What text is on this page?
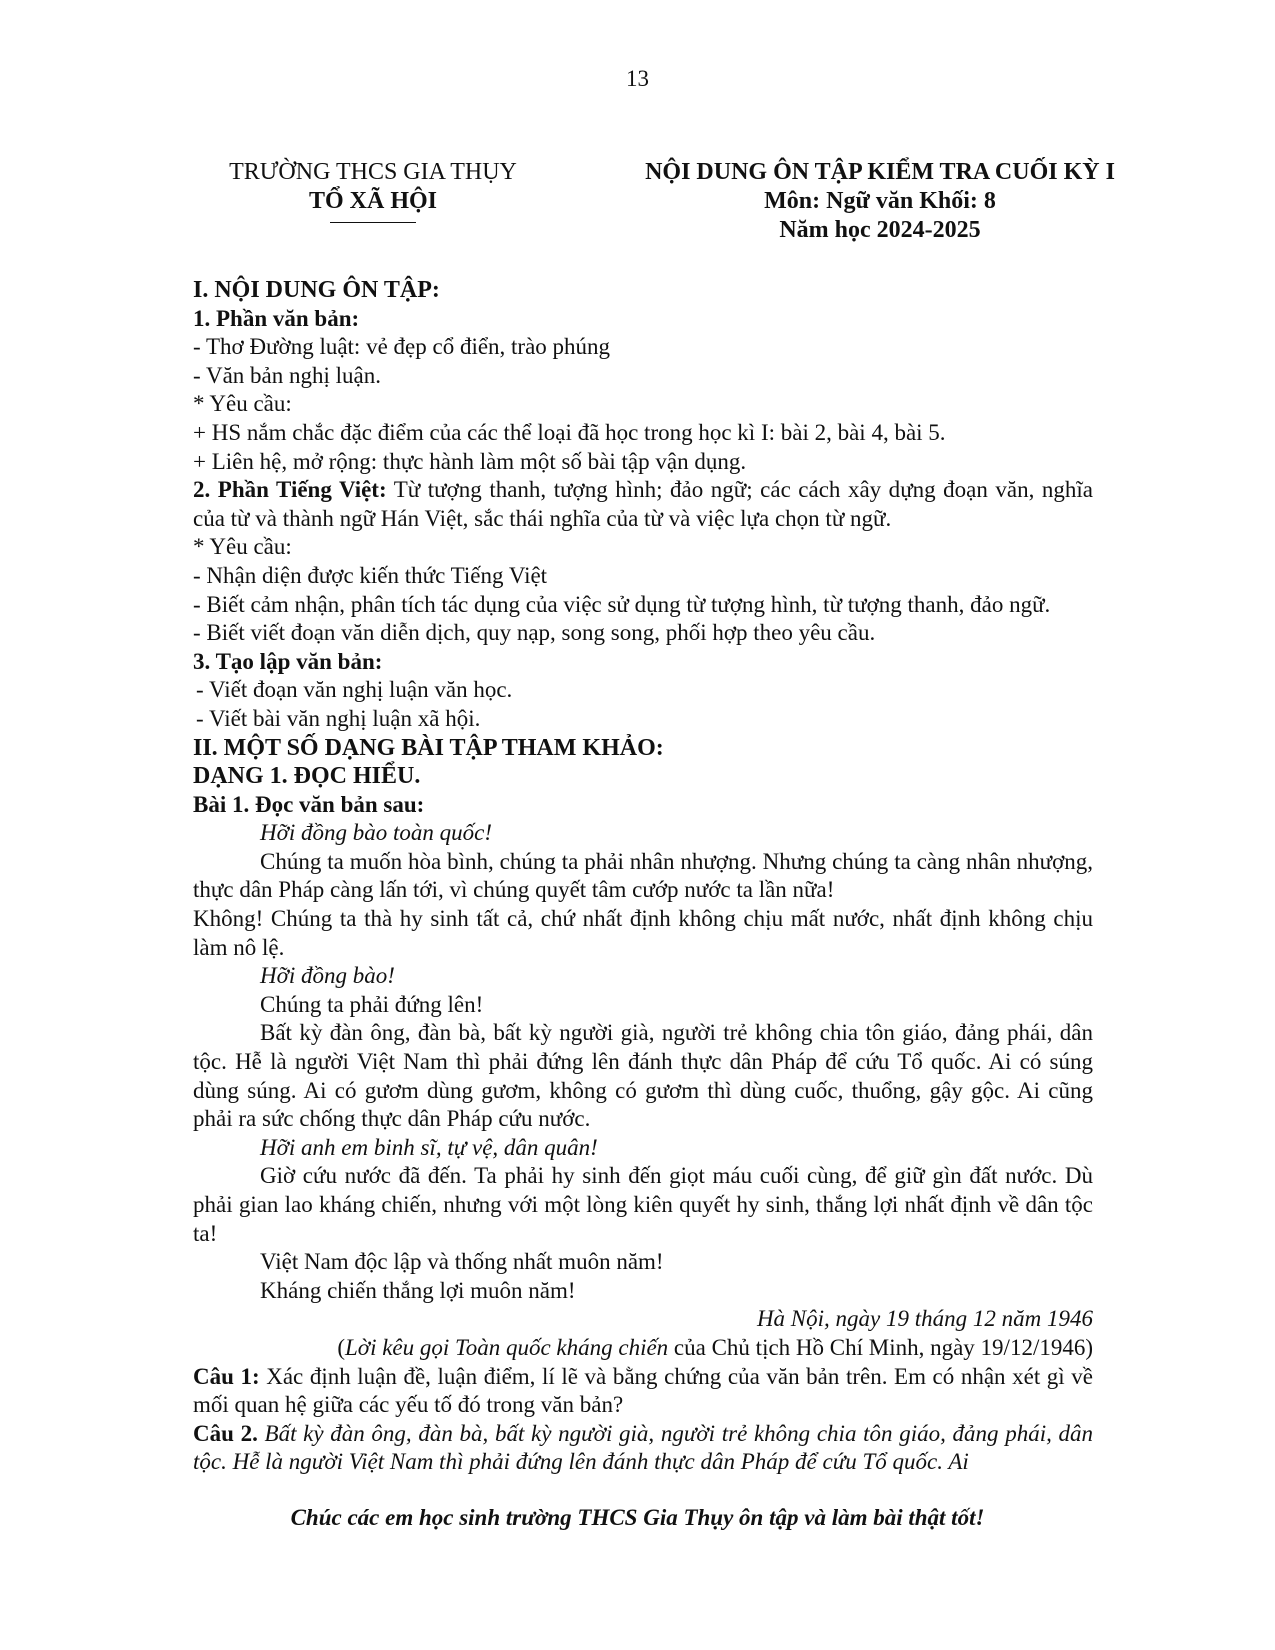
13
TRƯỜNG THCS GIA THỤY
TỔ XÃ HỘI
NỘI DUNG ÔN TẬP KIỂM TRA CUỐI KỲ I
Môn: Ngữ văn Khối: 8
Năm học 2024-2025

I. NỘI DUNG ÔN TẬP:

1. Phần văn bản:

- Thơ Đường luật: vẻ đẹp cổ điển, trào phúng

- Văn bản nghị luận.

* Yêu cầu:

+ HS nắm chắc đặc điểm của các thể loại đã học trong học kì I: bài 2, bài 4, bài 5.

+ Liên hệ, mở rộng: thực hành làm một số bài tập vận dụng.

2. Phần Tiếng Việt: Từ tượng thanh, tượng hình; đảo ngữ; các cách xây dựng đoạn văn, nghĩa của từ và thành ngữ Hán Việt, sắc thái nghĩa của từ và việc lựa chọn từ ngữ.

* Yêu cầu:

- Nhận diện được kiến thức Tiếng Việt

- Biết cảm nhận, phân tích tác dụng của việc sử dụng từ tượng hình, từ tượng thanh, đảo ngữ.

- Biết viết đoạn văn diễn dịch, quy nạp, song song, phối hợp theo yêu cầu.

3. Tạo lập văn bản:

- Viết đoạn văn nghị luận văn học.

- Viết bài văn nghị luận xã hội.

II. MỘT SỐ DẠNG BÀI TẬP THAM KHẢO:

DẠNG 1. ĐỌC HIỂU.

Bài 1. Đọc văn bản sau:

Hỡi đồng bào toàn quốc!

Chúng ta muốn hòa bình, chúng ta phải nhân nhượng. Nhưng chúng ta càng nhân nhượng, thực dân Pháp càng lấn tới, vì chúng quyết tâm cướp nước ta lần nữa!

Không! Chúng ta thà hy sinh tất cả, chứ nhất định không chịu mất nước, nhất định không chịu làm nô lệ.

Hỡi đồng bào!

Chúng ta phải đứng lên!

Bất kỳ đàn ông, đàn bà, bất kỳ người già, người trẻ không chia tôn giáo, đảng phái, dân tộc. Hễ là người Việt Nam thì phải đứng lên đánh thực dân Pháp để cứu Tổ quốc. Ai có súng dùng súng. Ai có gươm dùng gươm, không có gươm thì dùng cuốc, thuổng, gậy gộc. Ai cũng phải ra sức chống thực dân Pháp cứu nước.

Hỡi anh em binh sĩ, tự vệ, dân quân!

Giờ cứu nước đã đến. Ta phải hy sinh đến giọt máu cuối cùng, để giữ gìn đất nước. Dù phải gian lao kháng chiến, nhưng với một lòng kiên quyết hy sinh, thắng lợi nhất định về dân tộc ta!

Việt Nam độc lập và thống nhất muôn năm!

Kháng chiến thắng lợi muôn năm!

Hà Nội, ngày 19 tháng 12 năm 1946

(Lời kêu gọi Toàn quốc kháng chiến của Chủ tịch Hồ Chí Minh, ngày 19/12/1946)

Câu 1: Xác định luận đề, luận điểm, lí lẽ và bằng chứng của văn bản trên. Em có nhận xét gì về mối quan hệ giữa các yếu tố đó trong văn bản?

Câu 2. Bất kỳ đàn ông, đàn bà, bất kỳ người già, người trẻ không chia tôn giáo, đảng phái, dân tộc. Hễ là người Việt Nam thì phải đứng lên đánh thực dân Pháp để cứu Tổ quốc. Ai

Chúc các em học sinh trường THCS Gia Thụy ôn tập và làm bài thật tốt!
